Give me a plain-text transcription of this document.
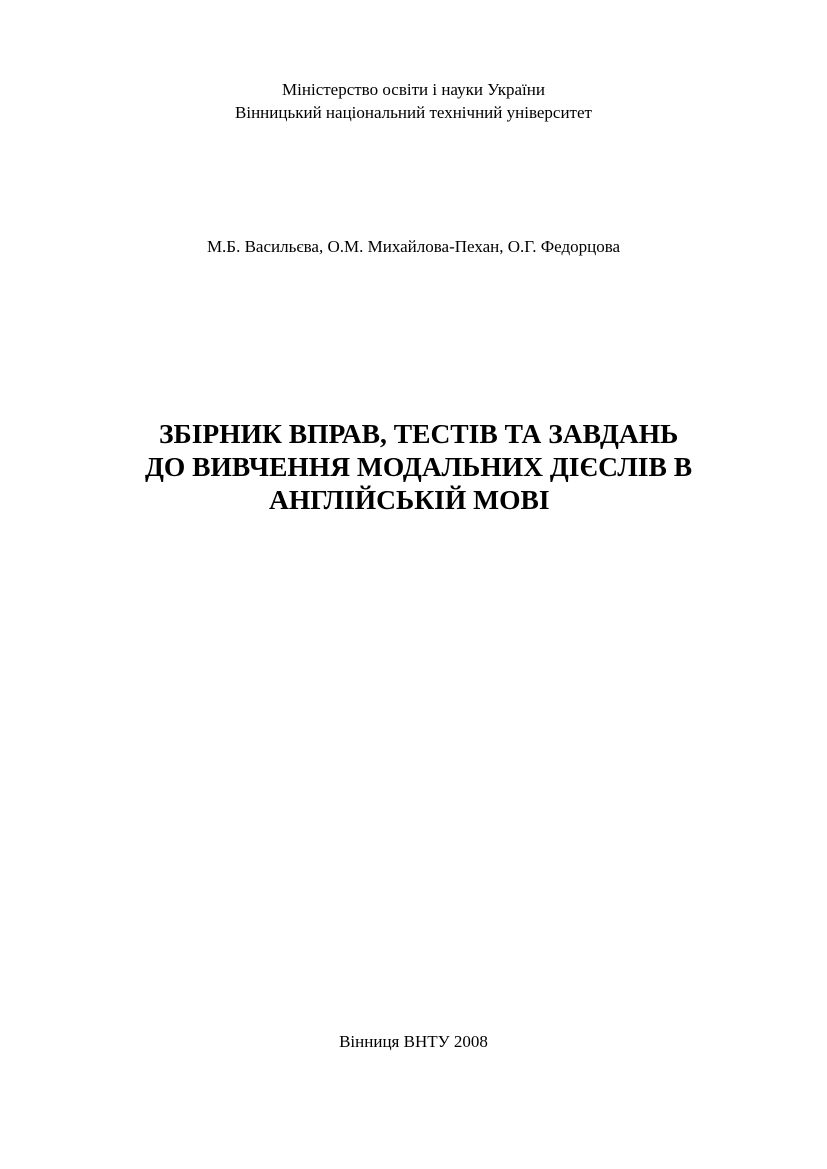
Міністерство освіти і науки України
Вінницький національний технічний університет
М.Б. Васильєва, О.М. Михайлова-Пехан, О.Г. Федорцова
ЗБІРНИК ВПРАВ, ТЕСТІВ ТА ЗАВДАНЬ
ДО ВИВЧЕННЯ МОДАЛЬНИХ ДІЄСЛІВ В
АНГЛІЙСЬКІЙ МОВІ
Вінниця ВНТУ 2008
